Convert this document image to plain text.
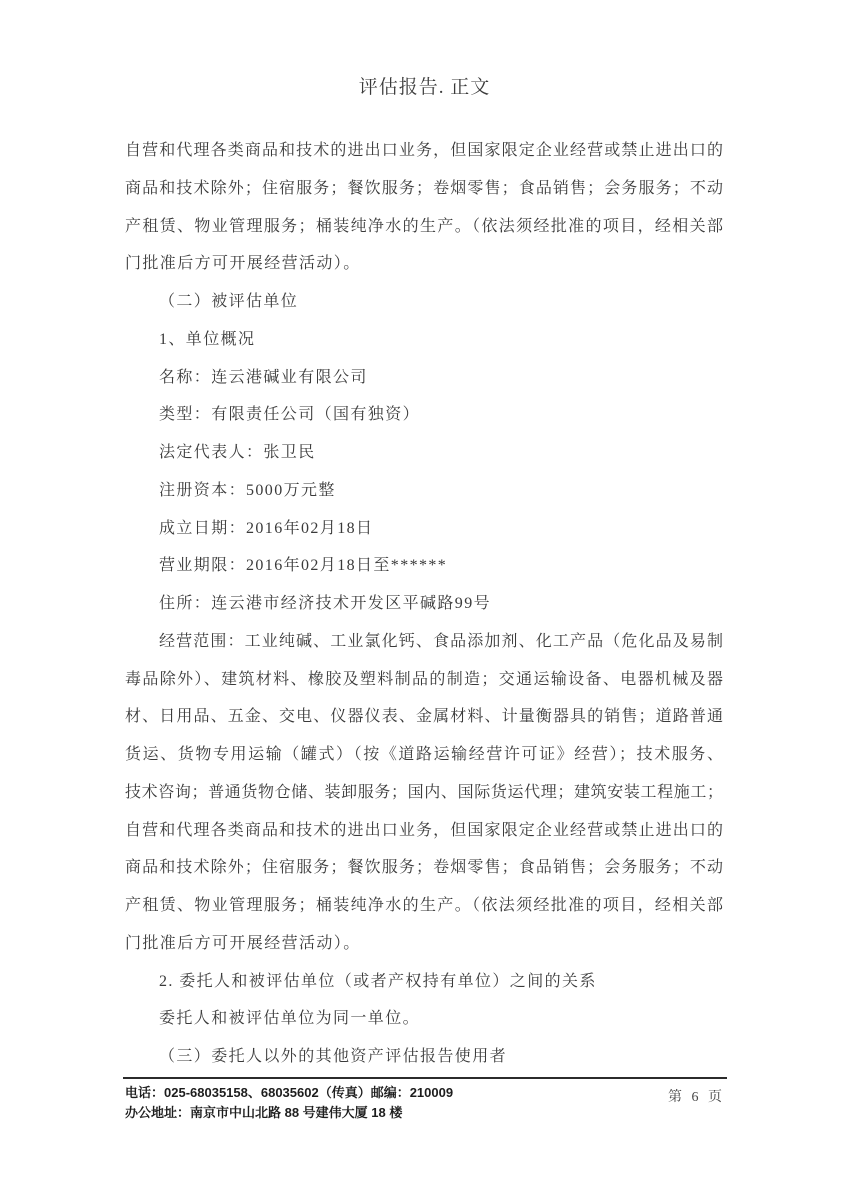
评估报告. 正文
自营和代理各类商品和技术的进出口业务，但国家限定企业经营或禁止进出口的
商品和技术除外；住宿服务；餐饮服务；卷烟零售；食品销售；会务服务；不动
产租赁、物业管理服务；桶装纯净水的生产。（依法须经批准的项目，经相关部
门批准后方可开展经营活动）。
（二）被评估单位
1、单位概况
名称：连云港碱业有限公司
类型：有限责任公司（国有独资）
法定代表人：张卫民
注册资本：5000万元整
成立日期：2016年02月18日
营业期限：2016年02月18日至******
住所：连云港市经济技术开发区平碱路99号
经营范围：工业纯碱、工业氯化钙、食品添加剂、化工产品（危化品及易制
毒品除外）、建筑材料、橡胶及塑料制品的制造；交通运输设备、电器机械及器
材、日用品、五金、交电、仪器仪表、金属材料、计量衡器具的销售；道路普通
货运、货物专用运输（罐式）（按《道路运输经营许可证》经营）；技术服务、
技术咨询；普通货物仓储、装卸服务；国内、国际货运代理；建筑安装工程施工；
自营和代理各类商品和技术的进出口业务，但国家限定企业经营或禁止进出口的
商品和技术除外；住宿服务；餐饮服务；卷烟零售；食品销售；会务服务；不动
产租赁、物业管理服务；桶装纯净水的生产。（依法须经批准的项目，经相关部
门批准后方可开展经营活动）。
2. 委托人和被评估单位（或者产权持有单位）之间的关系
委托人和被评估单位为同一单位。
（三）委托人以外的其他资产评估报告使用者
电话：025-68035158、68035602（传真）邮编：210009
办公地址：南京市中山北路 88 号建伟大厦 18 楼
第 6 页
